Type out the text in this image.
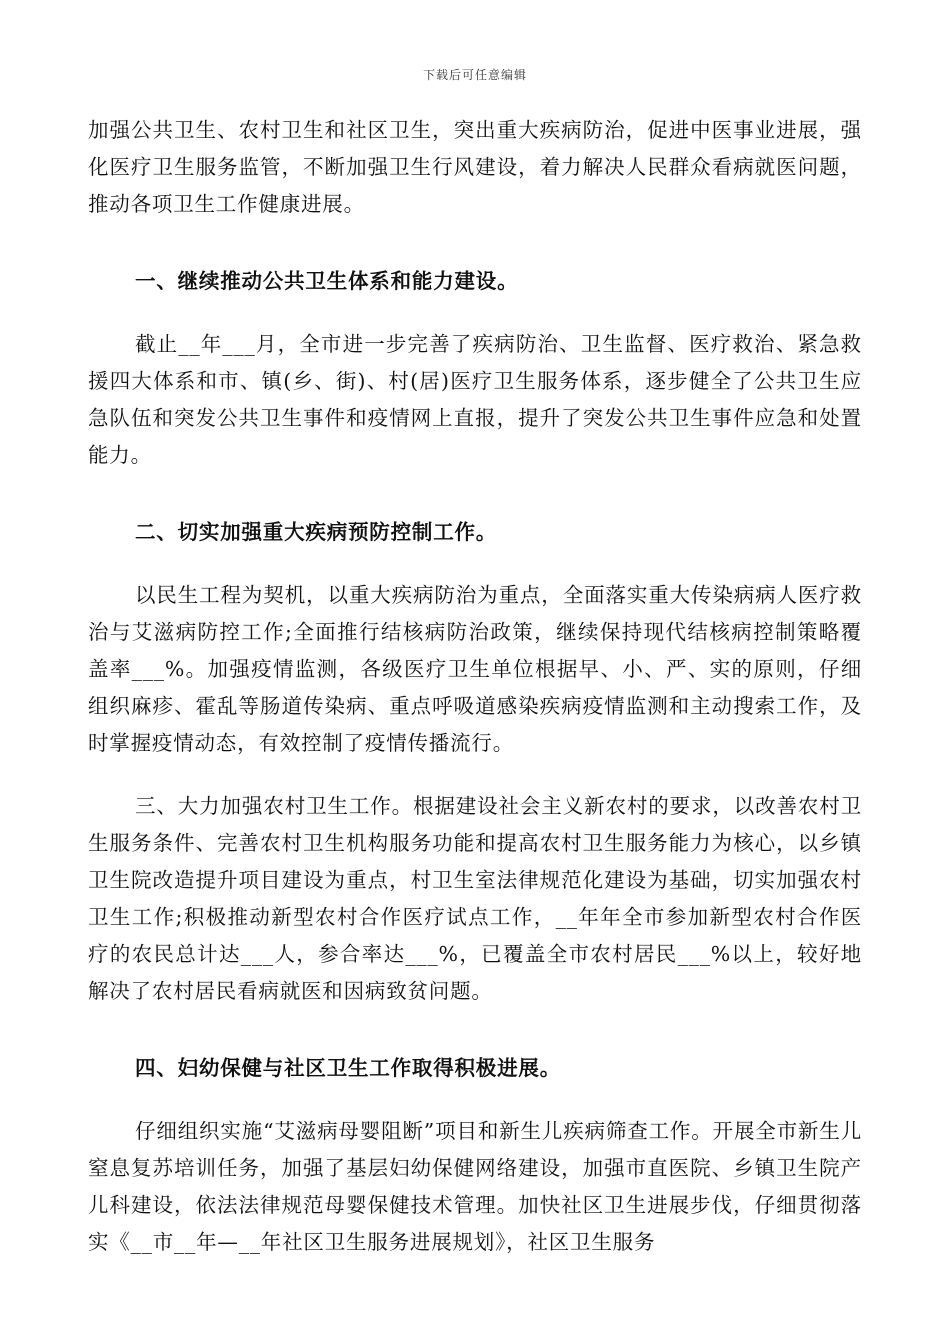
下载后可任意编辑

加强公共卫生、农村卫生和社区卫生，突出重大疾病防治，促进中医事业进展，强化医疗卫生服务监管，不断加强卫生行风建设，着力解决人民群众看病就医问题，推动各项卫生工作健康进展。

一、继续推动公共卫生体系和能力建设。

截止__年___月，全市进一步完善了疾病防治、卫生监督、医疗救治、紧急救援四大体系和市、镇(乡、街)、村(居)医疗卫生服务体系，逐步健全了公共卫生应急队伍和突发公共卫生事件和疫情网上直报，提升了突发公共卫生事件应急和处置能力。

二、切实加强重大疾病预防控制工作。

以民生工程为契机，以重大疾病防治为重点，全面落实重大传染病病人医疗救治与艾滋病防控工作;全面推行结核病防治政策，继续保持现代结核病控制策略覆盖率___%。加强疫情监测，各级医疗卫生单位根据早、小、严、实的原则，仔细组织麻疹、霍乱等肠道传染病、重点呼吸道感染疾病疫情监测和主动搜索工作，及时掌握疫情动态，有效控制了疫情传播流行。

三、大力加强农村卫生工作。根据建设社会主义新农村的要求，以改善农村卫生服务条件、完善农村卫生机构服务功能和提高农村卫生服务能力为核心，以乡镇卫生院改造提升项目建设为重点，村卫生室法律规范化建设为基础，切实加强农村卫生工作;积极推动新型农村合作医疗试点工作，__年年全市参加新型农村合作医疗的农民总计达___人，参合率达___%，已覆盖全市农村居民___%以上，较好地解决了农村居民看病就医和因病致贫问题。

四、妇幼保健与社区卫生工作取得积极进展。

仔细组织实施“艾滋病母婴阻断”项目和新生儿疾病筛查工作。开展全市新生儿窒息复苏培训任务，加强了基层妇幼保健网络建设，加强市直医院、乡镇卫生院产儿科建设，依法法律规范母婴保健技术管理。加快社区卫生进展步伐，仔细贯彻落实《__市__年—__年社区卫生服务进展规划》，社区卫生服务
